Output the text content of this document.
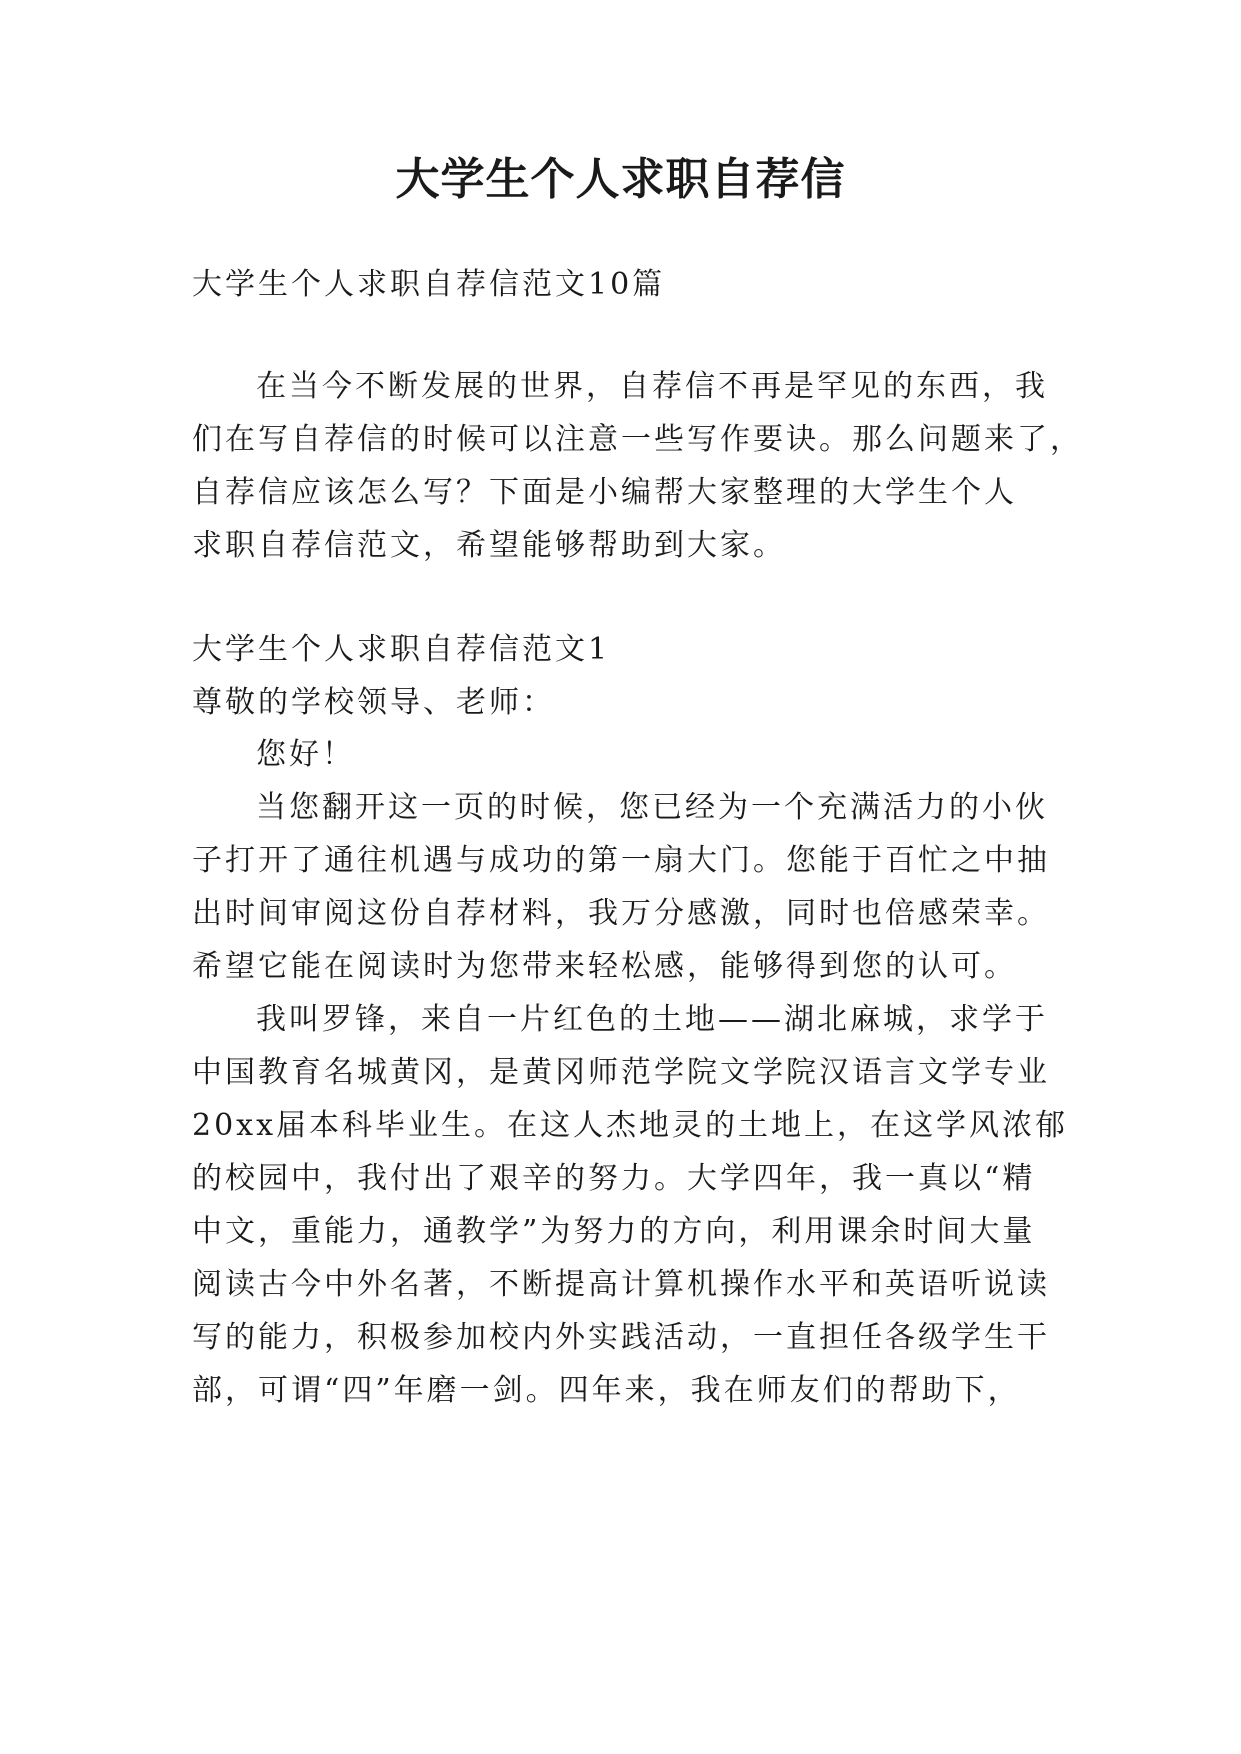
大学生个人求职自荐信

大学生个人求职自荐信范文10篇

在当今不断发展的世界，自荐信不再是罕见的东西，我

们在写自荐信的时候可以注意一些写作要诀。那么问题来了，

自荐信应该怎么写？下面是小编帮大家整理的大学生个人

求职自荐信范文，希望能够帮助到大家。

大学生个人求职自荐信范文1

尊敬的学校领导、老师：

您好！

当您翻开这一页的时候，您已经为一个充满活力的小伙

子打开了通往机遇与成功的第一扇大门。您能于百忙之中抽

出时间审阅这份自荐材料，我万分感激，同时也倍感荣幸。

希望它能在阅读时为您带来轻松感，能够得到您的认可。

我叫罗锋，来自一片红色的土地——湖北麻城，求学于

中国教育名城黄冈，是黄冈师范学院文学院汉语言文学专业

20xx届本科毕业生。在这人杰地灵的土地上，在这学风浓郁

的校园中，我付出了艰辛的努力。大学四年，我一真以“精

中文，重能力，通教学”为努力的方向，利用课余时间大量

阅读古今中外名著，不断提高计算机操作水平和英语听说读

写的能力，积极参加校内外实践活动，一直担任各级学生干

部，可谓“四”年磨一剑。四年来，我在师友们的帮助下，
